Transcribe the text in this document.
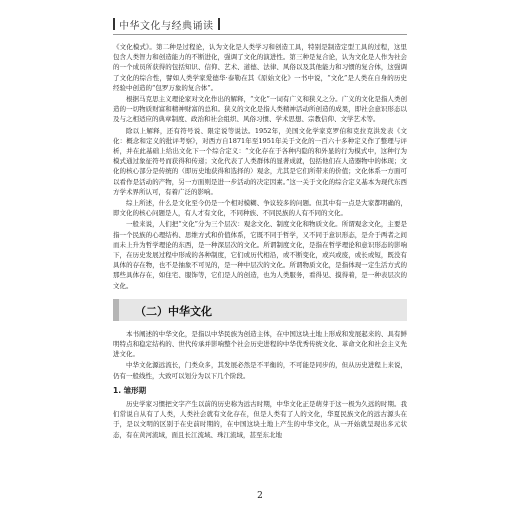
中华文化与经典诵读

《文化模式》。第二种是过程论，认为文化是人类学习和创造工具，特别是制造定型工具的过程，这里包含人类智力和创造能力的不断进化，强调了文化的演进性。第三种是复合论，认为文化是人作为社会的一个成员所获得的包括知识、信仰、艺术、道德、法律、风俗以及其他能力和习惯的复合体，这强调了文化的综合性，譬如人类学家爱德华·泰勒在其《原始文化》一书中说，“文化”是人类在自身的历史经验中创造的“包罗万象的复合体”。

根据马克思主义理论家对文化作出的解释，“文化”一词有广义和狭义之分。广义的文化是指人类创造的一切物质财富和精神财富的总和。狭义的文化是指人类精神活动所创造的成果，即社会意识形态以及与之相适应的典章制度、政治和社会组织、风俗习惯、学术思想、宗教信仰、文学艺术等。

除以上解释，还有符号说、限定说等说法。1952年，美国文化学家克罗伯和克拉克洪发表《文化：概念和定义的批评考察》，对西方自1871年至1951年关于文化的一百六十多种定义作了整理与评析，并在此基础上给出文化下一个综合定义：“文化存在于各种内隐的和外显的行为模式中，这种行为模式通过象征符号而获得和传递；文化代表了人类群体的显著成就，包括他们在人造器物中的体现；文化的核心部分是传统的（即历史地获得和选择的）观念，尤其是它们所带来的价值；文化体系一方面可以看作是活动的产物，另一方面则是进一步活动的决定因素。”这一关于文化的综合定义基本为现代东西方学术界所认可，有着广泛的影响。

综上所述，什么是文化至今仍是一个相对模糊、争议较多的问题。但其中有一点是大家都明确的，即文化的核心问题是人，有人才有文化，不同种族、不同民族的人有不同的文化。

一般来说，人们把“文化”分为三个层次：观念文化、制度文化和物质文化。所谓观念文化，主要是指一个民族的心理结构、思维方式和价值体系，它既不同于哲学，又不同于意识形态，是介于两者之间而未上升为哲学理论的东西，是一种深层次的文化。所谓制度文化，是指在哲学理论和意识形态的影响下，在历史发展过程中形成的各种制度，它们或历代相沿，或不断变化，或兴或废，或长或短，既没有具体的存在物，也不是抽象不可见的，是一种中层次的文化。所谓物质文化，是指体现一定生活方式的那些具体存在，如住宅、服饰等，它们是人的创造，也为人类服务，看得见、摸得着，是一种表层次的文化。

（二）中华文化

本书阐述的中华文化，是指以中华民族为创造主体，在中国这块土地上形成和发展起来的、具有鲜明特点和稳定结构的、世代传承并影响整个社会历史进程的中华优秀传统文化、革命文化和社会主义先进文化。

中华文化源远流长，门类众多，其发展必然是不平衡的，不可能是同步的，但从历史进程上来说，仍有一般线性，大致可以划分为以下几个阶段。

1. 雏形期

历史学家习惯把文字产生以前的历史称为远古时期，中华文化正是萌芽于这一极为久远的时期。我们常说自从有了人类，人类社会就有文化存在，但是人类有了人的文化，华夏民族文化的远古源头在于，是以文明的区别于在史前时期的，在中国这块土地上产生的中华文化，从一开始就呈现出多元状态，有在黄河流域，面且长江流域、珠江流域，甚至东北地

2
